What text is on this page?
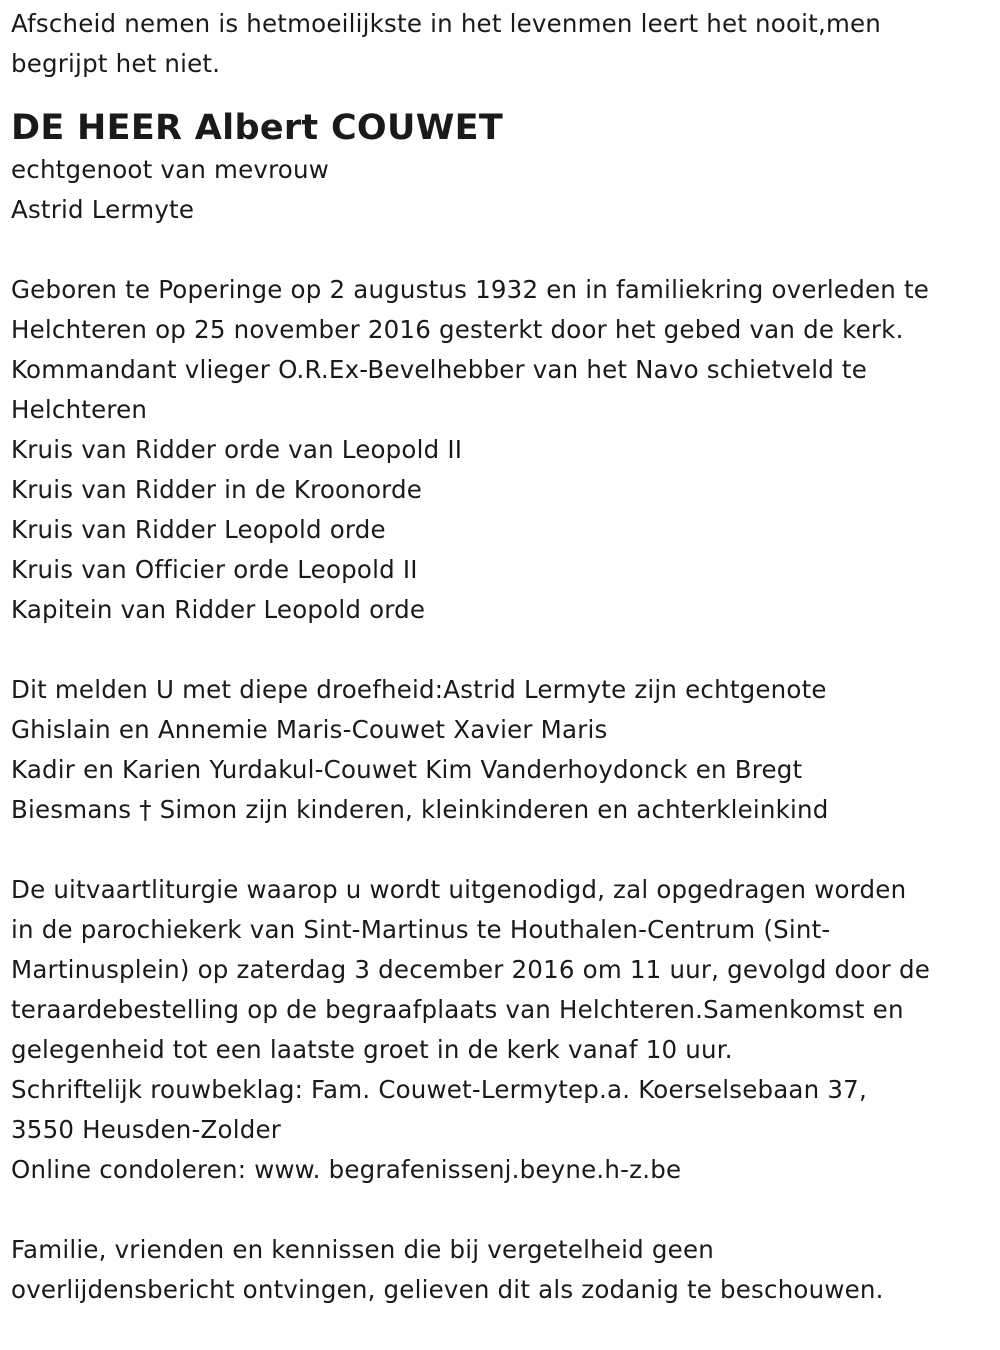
Afscheid nemen is hetmoeilijkste in het levenmen leert het nooit,men
begrijpt het niet.
DE HEER Albert COUWET
echtgenoot van mevrouw
Astrid Lermyte
Geboren te Poperinge op 2 augustus 1932 en in familiekring overleden te
Helchteren op 25 november 2016 gesterkt door het gebed van de kerk.
Kommandant vlieger O.R.Ex-Bevelhebber van het Navo schietveld te
Helchteren
Kruis van Ridder orde van Leopold II
Kruis van Ridder in de Kroonorde
Kruis van Ridder Leopold orde
Kruis van Officier orde Leopold II
Kapitein van Ridder Leopold orde
Dit melden U met diepe droefheid:Astrid Lermyte zijn echtgenote
Ghislain en Annemie Maris-Couwet Xavier Maris
Kadir en Karien Yurdakul-Couwet Kim Vanderhoydonck en Bregt
Biesmans † Simon zijn kinderen, kleinkinderen en achterkleinkind
De uitvaartliturgie waarop u wordt uitgenodigd, zal opgedragen worden
in de parochiekerk van Sint-Martinus te Houthalen-Centrum (Sint-
Martinusplein) op zaterdag 3 december 2016 om 11 uur, gevolgd door de
teraardebestelling op de begraafplaats van Helchteren.Samenkomst en
gelegenheid tot een laatste groet in de kerk vanaf 10 uur.
Schriftelijk rouwbeklag: Fam. Couwet-Lermytep.a. Koerselsebaan 37,
3550 Heusden-Zolder
Online condoleren: www. begrafenissenj.beyne.h-z.be
Familie, vrienden en kennissen die bij vergetelheid geen
overlijdensbericht ontvingen, gelieven dit als zodanig te beschouwen.
